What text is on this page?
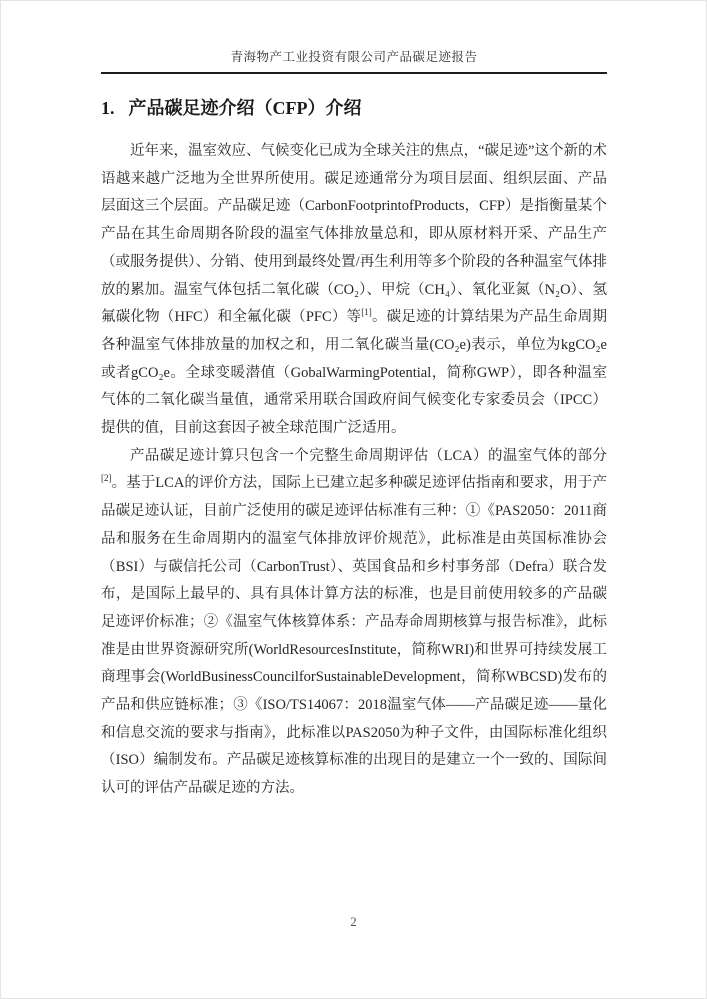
青海物产工业投资有限公司产品碳足迹报告
1. 产品碳足迹介绍（CFP）介绍

近年来，温室效应、气候变化已成为全球关注的焦点，“碳足迹”这个新的术语越来越广泛地为全世界所使用。碳足迹通常分为项目层面、组织层面、产品层面这三个层面。产品碳足迹（CarbonFootprintofProducts，CFP）是指衡量某个产品在其生命周期各阶段的温室气体排放量总和，即从原材料开采、产品生产（或服务提供）、分销、使用到最终处置/再生利用等多个阶段的各种温室气体排放的累加。温室气体包括二氧化碳（CO₂）、甲烷（CH₄）、氧化亚氮（N₂O）、氢氟碳化物（HFC）和全氟化碳（PFC）等[1]。碳足迹的计算结果为产品生命周期各种温室气体排放量的加权之和，用二氧化碳当量(CO₂e)表示，单位为kgCO₂e或者gCO₂e。全球变暖潜值（GobalWarmingPotential，简称GWP），即各种温室气体的二氧化碳当量值，通常采用联合国政府间气候变化专家委员会（IPCC）提供的值，目前这套因子被全球范围广泛适用。

产品碳足迹计算只包含一个完整生命周期评估（LCA）的温室气体的部分[2]。基于LCA的评价方法，国际上已建立起多种碳足迹评估指南和要求，用于产品碳足迹认证，目前广泛使用的碳足迹评估标准有三种：①《PAS2050：2011商品和服务在生命周期内的温室气体排放评价规范》，此标准是由英国标准协会（BSI）与碳信托公司（CarbonTrust）、英国食品和乡村事务部（Defra）联合发布，是国际上最早的、具有具体计算方法的标准，也是目前使用较多的产品碳足迹评价标准；②《温室气体核算体系：产品寿命周期核算与报告标准》，此标准是由世界资源研究所(WorldResourcesInstitute，简称WRI)和世界可持续发展工商理事会(WorldBusinessCouncilforSustainableDevelopment，简称WBCSD)发布的产品和供应链标准；③《ISO/TS14067：2018温室气体——产品碳足迹——量化和信息交流的要求与指南》，此标准以PAS2050为种子文件，由国际标准化组织（ISO）编制发布。产品碳足迹核算标准的出现目的是建立一个一致的、国际间认可的评估产品碳足迹的方法。

2
